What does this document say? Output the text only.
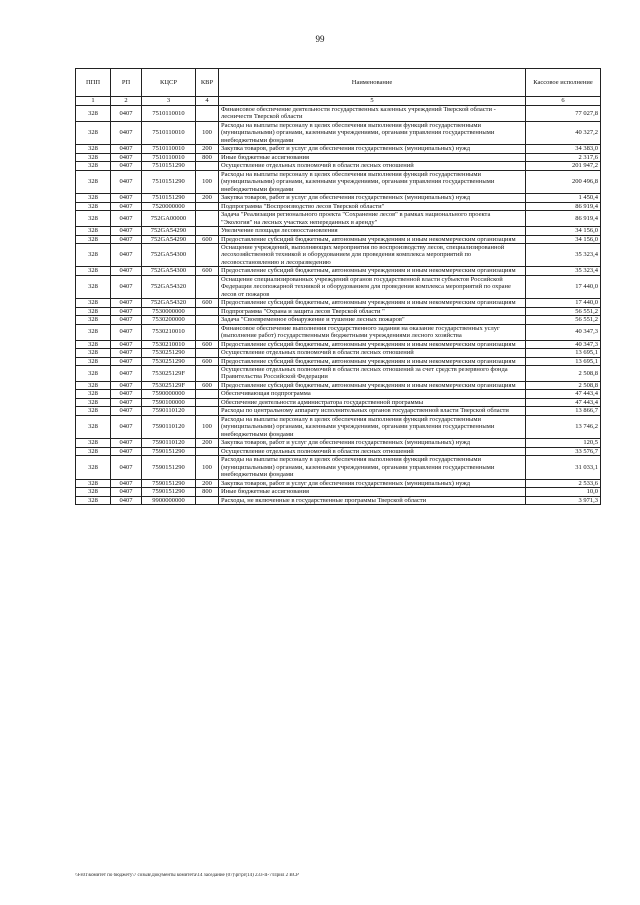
99
ППП	РП	КЦСР	КВР	Наименование	Кассовое исполнение
1	2	3	4	5	6
328	0407	7510110010		Финансовое обеспечение деятельности государственных казенных учреждений Тверской области - лесничеств Тверской области	77 027,8
328	0407	7510110010	100	Расходы на выплаты персоналу в целях обеспечения выполнения функций государственными (муниципальными) органами, казенными учреждениями, органами управления государственными внебюджетными фондами	40 327,2
328	0407	7510110010	200	Закупка товаров, работ и услуг для обеспечения государственных (муниципальных) нужд	34 383,0
328	0407	7510110010	800	Иные бюджетные ассигнования	2 317,6
328	0407	7510151290		Осуществление отдельных полномочий в области лесных отношений	201 947,2
328	0407	7510151290	100	Расходы на выплаты персоналу в целях обеспечения выполнения функций государственными (муниципальными) органами, казенными учреждениями, органами управления государственными внебюджетными фондами	200 496,8
328	0407	7510151290	200	Закупка товаров, работ и услуг для обеспечения государственных (муниципальных) нужд	1 450,4
328	0407	7520000000		Подпрограмма "Воспроизводство лесов Тверской области"	86 919,4
328	0407	752GA00000		Задача "Реализация регионального проекта "Сохранение лесов" в рамках национального проекта "Экология" на лесных участках непереданных в аренду"	86 919,4
328	0407	752GA54290		Увеличение площади лесовосстановления	34 156,0
328	0407	752GA54290	600	Предоставление субсидий бюджетным, автономным учреждениям и иным некоммерческим организациям	34 156,0
328	0407	752GA54300		Оснащение учреждений, выполняющих мероприятия по воспроизводству лесов, специализированной лесохозяйственной техникой и оборудованием для проведения комплекса мероприятий по лесовосстановлению и лесоразведению	35 323,4
328	0407	752GA54300	600	Предоставление субсидий бюджетным, автономным учреждениям и иным некоммерческим организациям	35 323,4
328	0407	752GA54320		Оснащение специализированных учреждений органов государственной власти субъектов Российской Федерации лесопожарной техникой и оборудованием для проведения комплекса мероприятий по охране лесов от пожаров	17 440,0
328	0407	752GA54320	600	Предоставление субсидий бюджетным, автономным учреждениям и иным некоммерческим организациям	17 440,0
328	0407	7530000000		Подпрограмма "Охрана и защита лесов Тверской области "	56 551,2
328	0407	7530200000		Задача "Своевременное обнаружение и тушение лесных пожаров"	56 551,2
328	0407	7530210010		Финансовое обеспечение выполнения государственного задания на оказание государственных услуг (выполнение работ) государственными бюджетными учреждениями лесного хозяйства	40 347,3
328	0407	7530210010	600	Предоставление субсидий бюджетным, автономным учреждениям и иным некоммерческим организациям	40 347,3
328	0407	7530251290		Осуществление отдельных полномочий в области лесных отношений	13 695,1
328	0407	7530251290	600	Предоставление субсидий бюджетным, автономным учреждениям и иным некоммерческим организациям	13 695,1
328	0407	753025129F		Осуществление отдельных полномочий в области лесных отношений за счет средств резервного фонда Правительства Российской Федерации	2 508,8
328	0407	753025129F	600	Предоставление субсидий бюджетным, автономным учреждениям и иным некоммерческим организациям	2 508,8
328	0407	7590000000		Обеспечивающая подпрограмма	47 443,4
328	0407	7590100000		Обеспечение деятельности администратора государственной программы	47 443,4
328	0407	7590110120		Расходы по центральному аппарату исполнительных органов государственной власти Тверской области	13 866,7
328	0407	7590110120	100	Расходы на выплаты персоналу в целях обеспечения выполнения функций государственными (муниципальными) органами, казенными учреждениями, органами управления государственными внебюджетными фондами	13 746,2
328	0407	7590110120	200	Закупка товаров, работ и услуг для обеспечения государственных (муниципальных) нужд	120,5
328	0407	7590151290		Осуществление отдельных полномочий в области лесных отношений	33 576,7
328	0407	7590151290	100	Расходы на выплаты персоналу в целях обеспечения выполнения функций государственными (муниципальными) органами, казенными учреждениями, органами управления государственными внебюджетными фондами	31 033,1
328	0407	7590151290	200	Закупка товаров, работ и услуг для обеспечения государственных (муниципальных) нужд	2 533,6
328	0407	7590151290	800	Иные бюджетные ассигнования	10,0
328	0407	9900000000		Расходы, не включенные в государственные программы Тверской области	3 971,3
\\Fs01\комитет по бюджету\7 созыв\Документы комитета\14 заседание (07)\pr\pr(14) 233-II-7\Прил 2 ВСР
